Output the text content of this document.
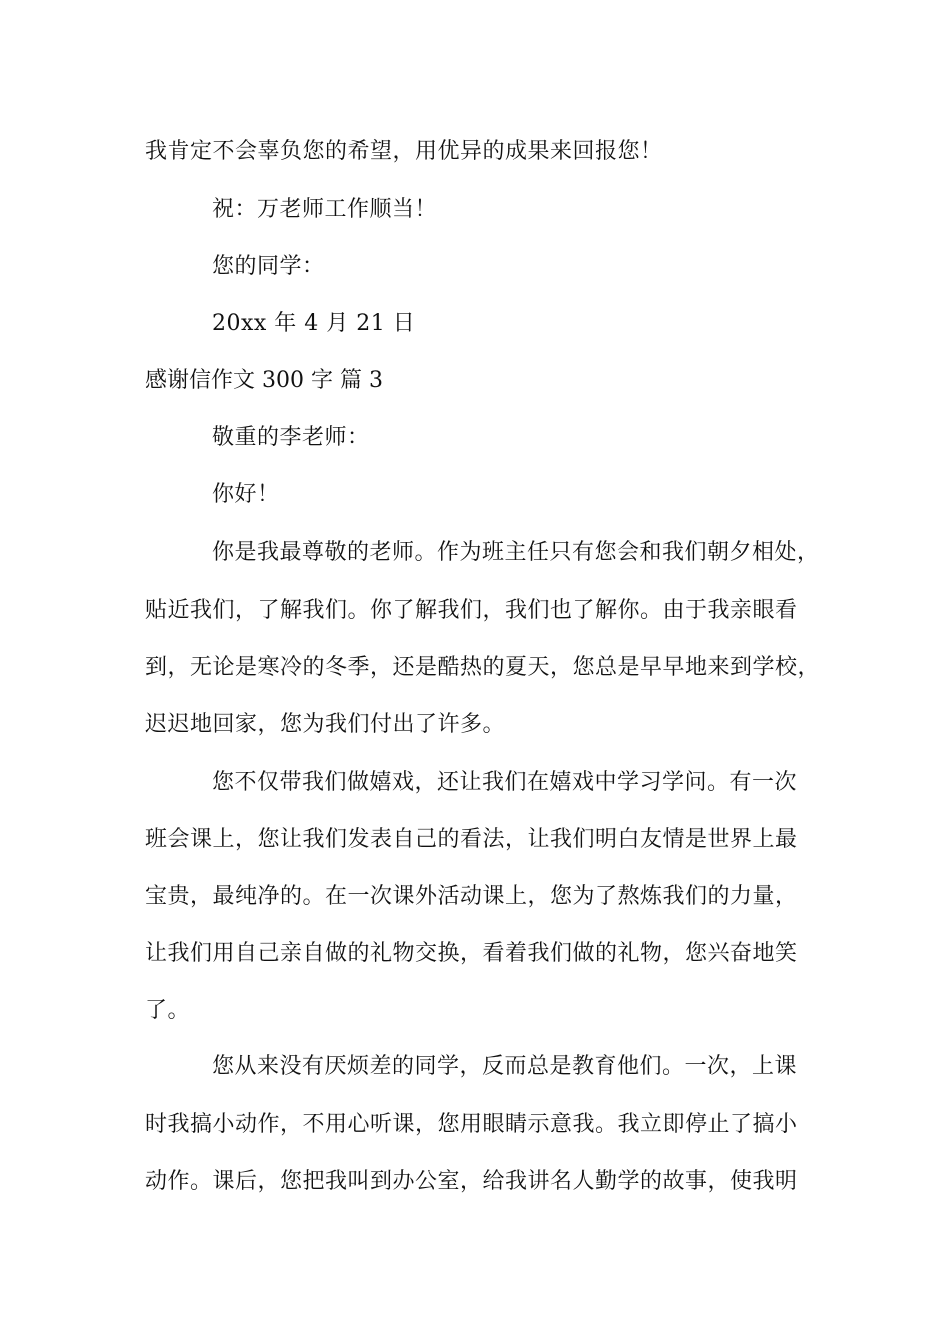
我肯定不会辜负您的希望，用优异的成果来回报您！
祝：万老师工作顺当！
您的同学：
20xx 年 4 月 21 日
感谢信作文 300 字 篇 3
敬重的李老师：
你好！
你是我最尊敬的老师。作为班主任只有您会和我们朝夕相处，
贴近我们，了解我们。你了解我们，我们也了解你。由于我亲眼看
到，无论是寒冷的冬季，还是酷热的夏天，您总是早早地来到学校，
迟迟地回家，您为我们付出了许多。
您不仅带我们做嬉戏，还让我们在嬉戏中学习学问。有一次
班会课上，您让我们发表自己的看法，让我们明白友情是世界上最
宝贵，最纯净的。在一次课外活动课上，您为了熬炼我们的力量，
让我们用自己亲自做的礼物交换，看着我们做的礼物，您兴奋地笑
了。
您从来没有厌烦差的同学，反而总是教育他们。一次，上课
时我搞小动作，不用心听课，您用眼睛示意我。我立即停止了搞小
动作。课后，您把我叫到办公室，给我讲名人勤学的故事，使我明
